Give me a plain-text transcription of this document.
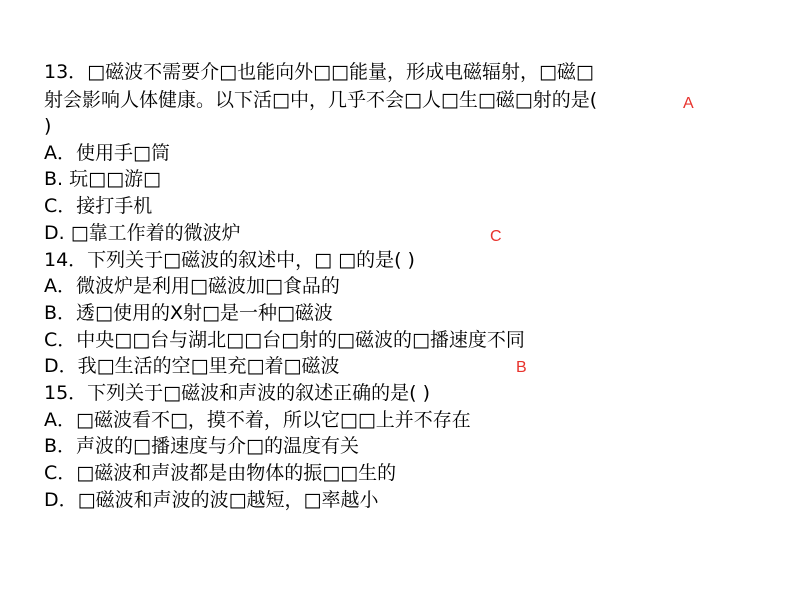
13．□磁波不需要介□也能向外□□能量，形成电磁辐射，□磁□
射会影响人体健康。以下活□中，几乎不会□人□生□磁□射的是(	A
)
A．使用手□筒
B. 玩□□游□
C．接打手机
D. □靠工作着的微波炉	C
14．下列关于□磁波的叙述中，□ □的是( )
A．微波炉是利用□磁波加□食品的
B．透□使用的X射□是一种□磁波
C．中央□□台与湖北□□台□射的□磁波的□播速度不同
D．我□生活的空□里充□着□磁波	B
15．下列关于□磁波和声波的叙述正确的是( )
A．□磁波看不□，摸不着，所以它□□上并不存在
B．声波的□播速度与介□的温度有关
C．□磁波和声波都是由物体的振□□生的
D．□磁波和声波的波□越短，□率越小
